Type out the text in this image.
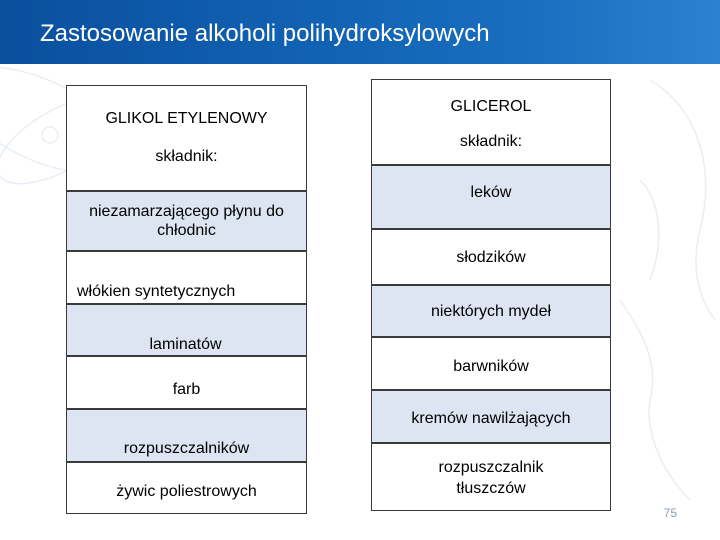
Zastosowanie alkoholi polihydroksylowych
GLIKOL ETYLENOWY
składnik:
niezamarzającego płynu do
chłodnic
włókien syntetycznych
laminatów
farb
rozpuszczalników
żywic poliestrowych
GLICEROL
składnik:
leków
słodzików
niektórych mydeł
barwników
kremów nawilżających
rozpuszczalnik
tłuszczów
75
